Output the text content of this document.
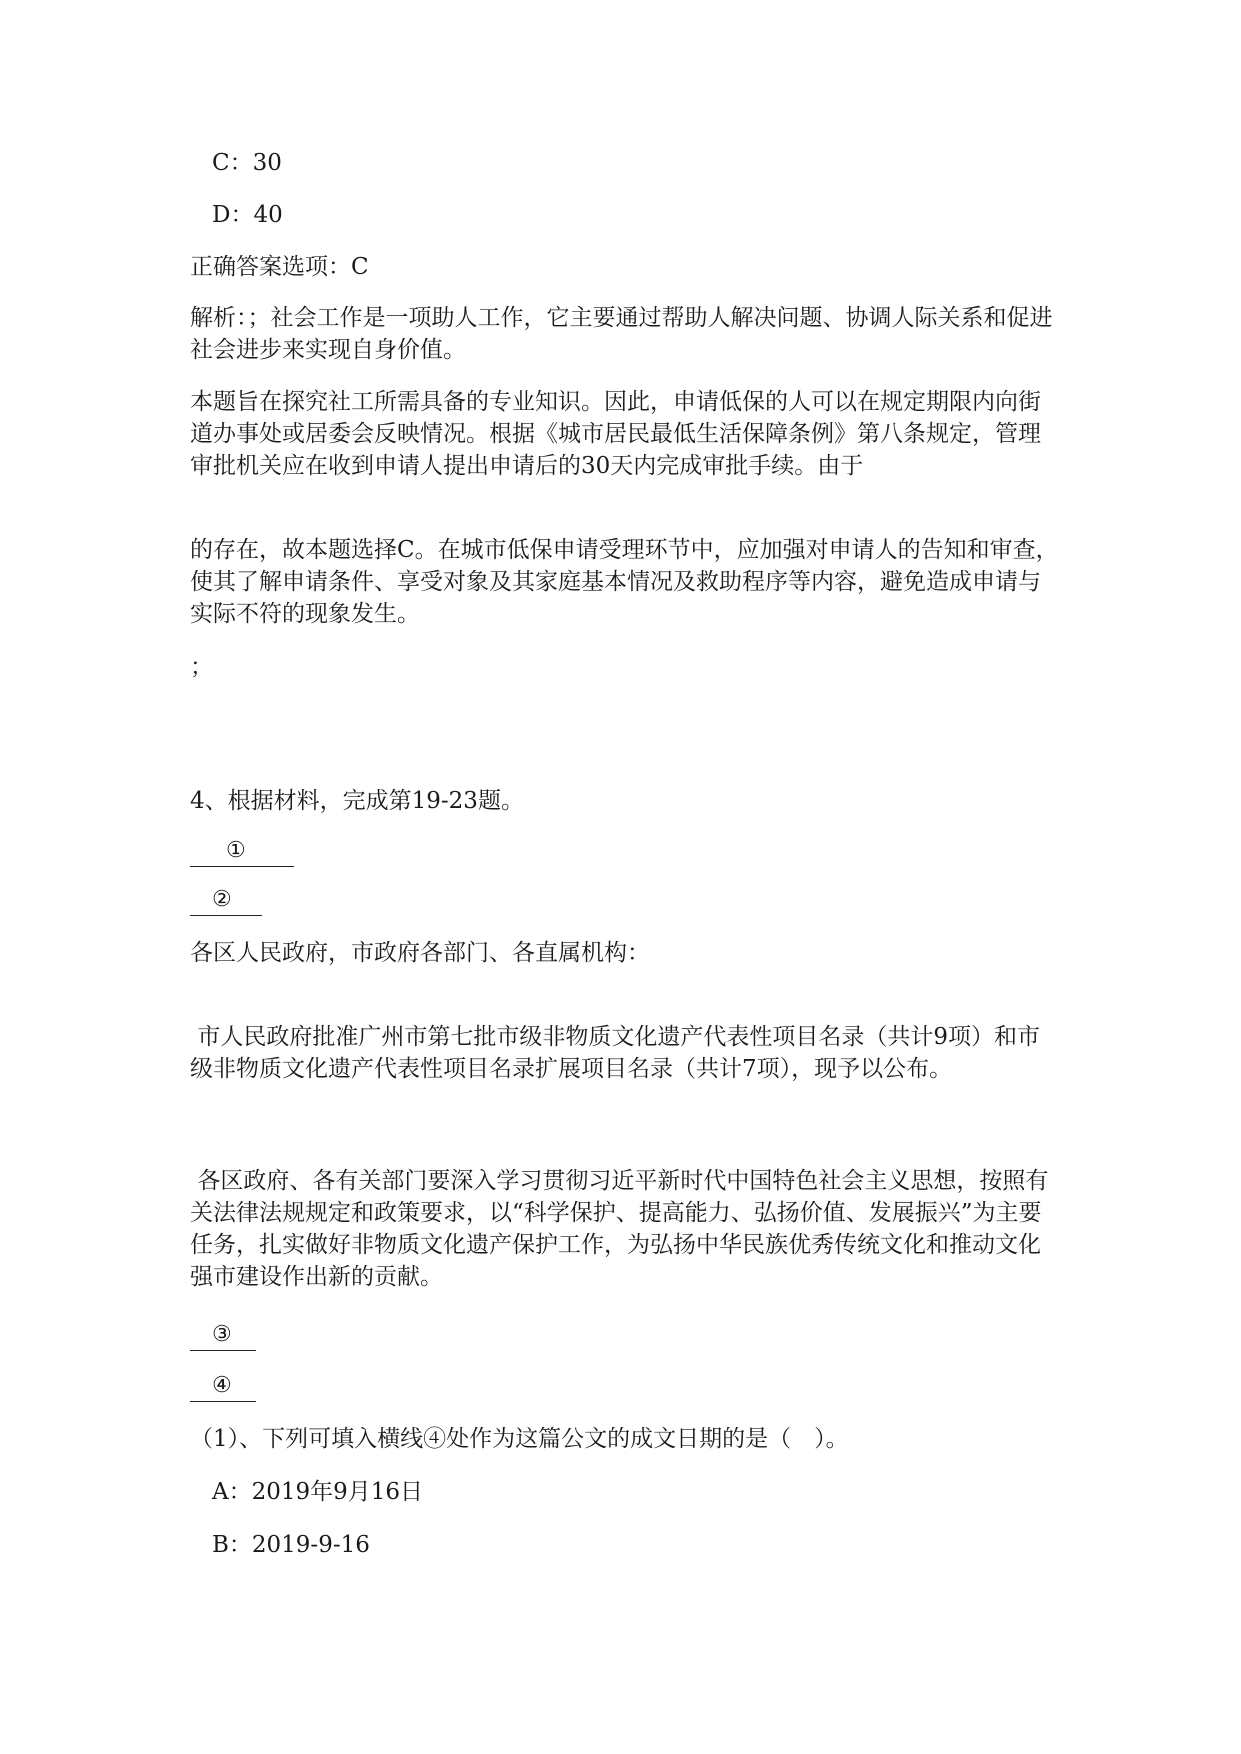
C：30
D：40
正确答案选项：C
解析：；社会工作是一项助人工作，它主要通过帮助人解决问题、协调人际关系和促进社会进步来实现自身价值。
本题旨在探究社工所需具备的专业知识。因此，申请低保的人可以在规定期限内向街道办事处或居委会反映情况。根据《城市居民最低生活保障条例》第八条规定，管理审批机关应在收到申请人提出申请后的30天内完成审批手续。由于
的存在，故本题选择C。在城市低保申请受理环节中，应加强对申请人的告知和审查，使其了解申请条件、享受对象及其家庭基本情况及救助程序等内容，避免造成申请与实际不符的现象发生。
；
4、根据材料，完成第19-23题。
①
②
各区人民政府，市政府各部门、各直属机构：
市人民政府批准广州市第七批市级非物质文化遗产代表性项目名录（共计9项）和市级非物质文化遗产代表性项目名录扩展项目名录（共计7项），现予以公布。
各区政府、各有关部门要深入学习贯彻习近平新时代中国特色社会主义思想，按照有关法律法规规定和政策要求，以“科学保护、提高能力、弘扬价值、发展振兴”为主要任务，扎实做好非物质文化遗产保护工作，为弘扬中华民族优秀传统文化和推动文化强市建设作出新的贡献。
③
④
（1）、下列可填入横线④处作为这篇公文的成文日期的是（　）。
A：2019年9月16日
B：2019-9-16
